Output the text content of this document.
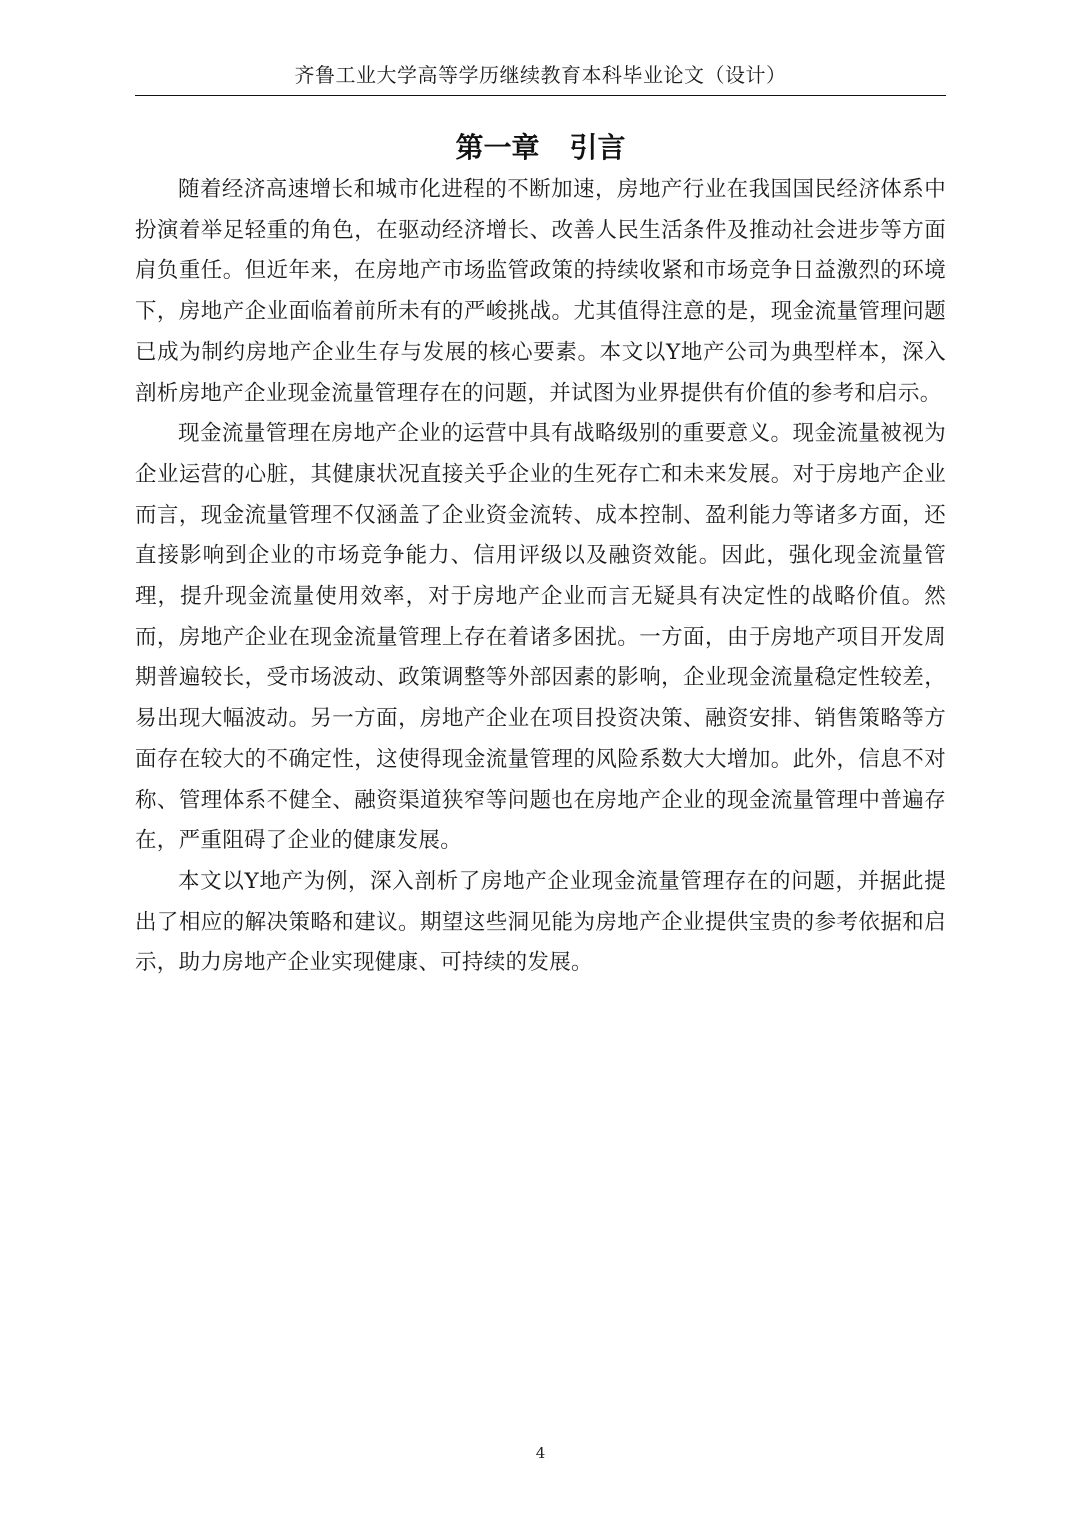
齐鲁工业大学高等学历继续教育本科毕业论文（设计）
第一章 引言

随着经济高速增长和城市化进程的不断加速，房地产行业在我国国民经济体系中扮演着举足轻重的角色，在驱动经济增长、改善人民生活条件及推动社会进步等方面肩负重任。但近年来，在房地产市场监管政策的持续收紧和市场竞争日益激烈的环境下，房地产企业面临着前所未有的严峻挑战。尤其值得注意的是，现金流量管理问题已成为制约房地产企业生存与发展的核心要素。本文以Y地产公司为典型样本，深入剖析房地产企业现金流量管理存在的问题，并试图为业界提供有价值的参考和启示。

现金流量管理在房地产企业的运营中具有战略级别的重要意义。现金流量被视为企业运营的心脏，其健康状况直接关乎企业的生死存亡和未来发展。对于房地产企业而言，现金流量管理不仅涵盖了企业资金流转、成本控制、盈利能力等诸多方面，还直接影响到企业的市场竞争能力、信用评级以及融资效能。因此，强化现金流量管理，提升现金流量使用效率，对于房地产企业而言无疑具有决定性的战略价值。然而，房地产企业在现金流量管理上存在着诸多困扰。一方面，由于房地产项目开发周期普遍较长，受市场波动、政策调整等外部因素的影响，企业现金流量稳定性较差，易出现大幅波动。另一方面，房地产企业在项目投资决策、融资安排、销售策略等方面存在较大的不确定性，这使得现金流量管理的风险系数大大增加。此外，信息不对称、管理体系不健全、融资渠道狭窄等问题也在房地产企业的现金流量管理中普遍存在，严重阻碍了企业的健康发展。

本文以Y地产为例，深入剖析了房地产企业现金流量管理存在的问题，并据此提出了相应的解决策略和建议。期望这些洞见能为房地产企业提供宝贵的参考依据和启示，助力房地产企业实现健康、可持续的发展。

4
